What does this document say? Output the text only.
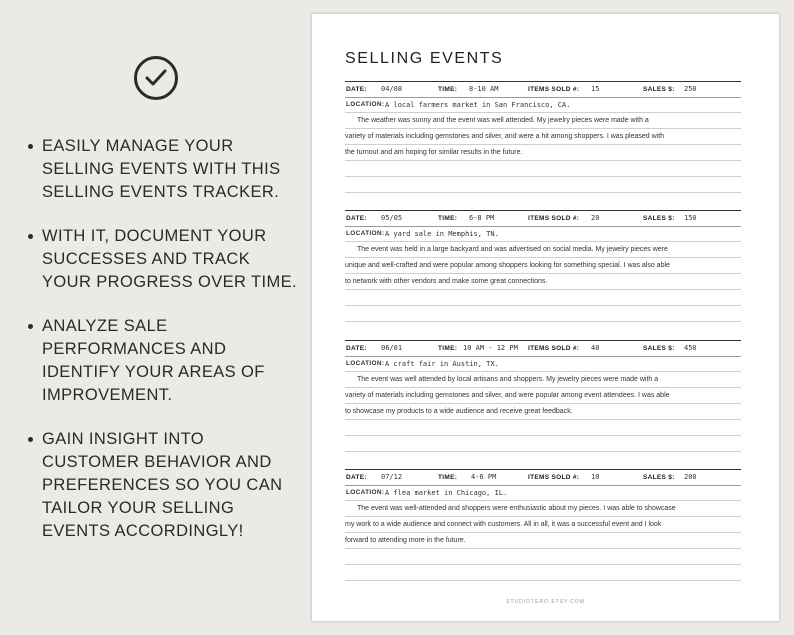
EASILY MANAGE YOUR SELLING EVENTS WITH THIS SELLING EVENTS TRACKER.
WITH IT, DOCUMENT YOUR SUCCESSES AND TRACK YOUR PROGRESS OVER TIME.
ANALYZE SALE PERFORMANCES AND IDENTIFY YOUR AREAS OF IMPROVEMENT.
GAIN INSIGHT INTO CUSTOMER BEHAVIOR AND PREFERENCES SO YOU CAN TAILOR YOUR SELLING EVENTS ACCORDINGLY!
SELLING EVENTS
DATE: 04/08	TIME: 8-10 AM	ITEMS SOLD #: 15	SALES $: 250
LOCATION: A local farmers market in San Francisco, CA.
The weather was sunny and the event was well attended. My jewelry pieces were made with a
variety of materials including gemstones and silver, and were a hit among shoppers. I was pleased with
the turnout and am hoping for similar results in the future.
DATE: 05/05	TIME: 6-8 PM	ITEMS SOLD #: 20	SALES $: 150
LOCATION: A yard sale in Memphis, TN.
The event was held in a large backyard and was advertised on social media. My jewelry pieces were
unique and well-crafted and were popular among shoppers looking for something special. I was also able
to network with other vendors and make some great connections.
DATE: 06/01	TIME: 10 AM - 12 PM ITEMS SOLD #: 40	SALES $: 450
LOCATION: A craft fair in Austin, TX.
The event was well attended by local artisans and shoppers. My jewelry pieces were made with a
variety of materials including gemstones and silver, and were popular among event attendees. I was able
to showcase my products to a wide audience and receive great feedback.
DATE: 07/12	TIME: 4-6 PM	ITEMS SOLD #: 10	SALES $: 200
LOCATION: A flea market in Chicago, IL.
The event was well-attended and shoppers were enthusiastic about my pieces. I was able to showcase
my work to a wide audience and connect with customers. All in all, it was a successful event and I look
forward to attending more in the future.
STUDIOTERO.ETSY.COM
